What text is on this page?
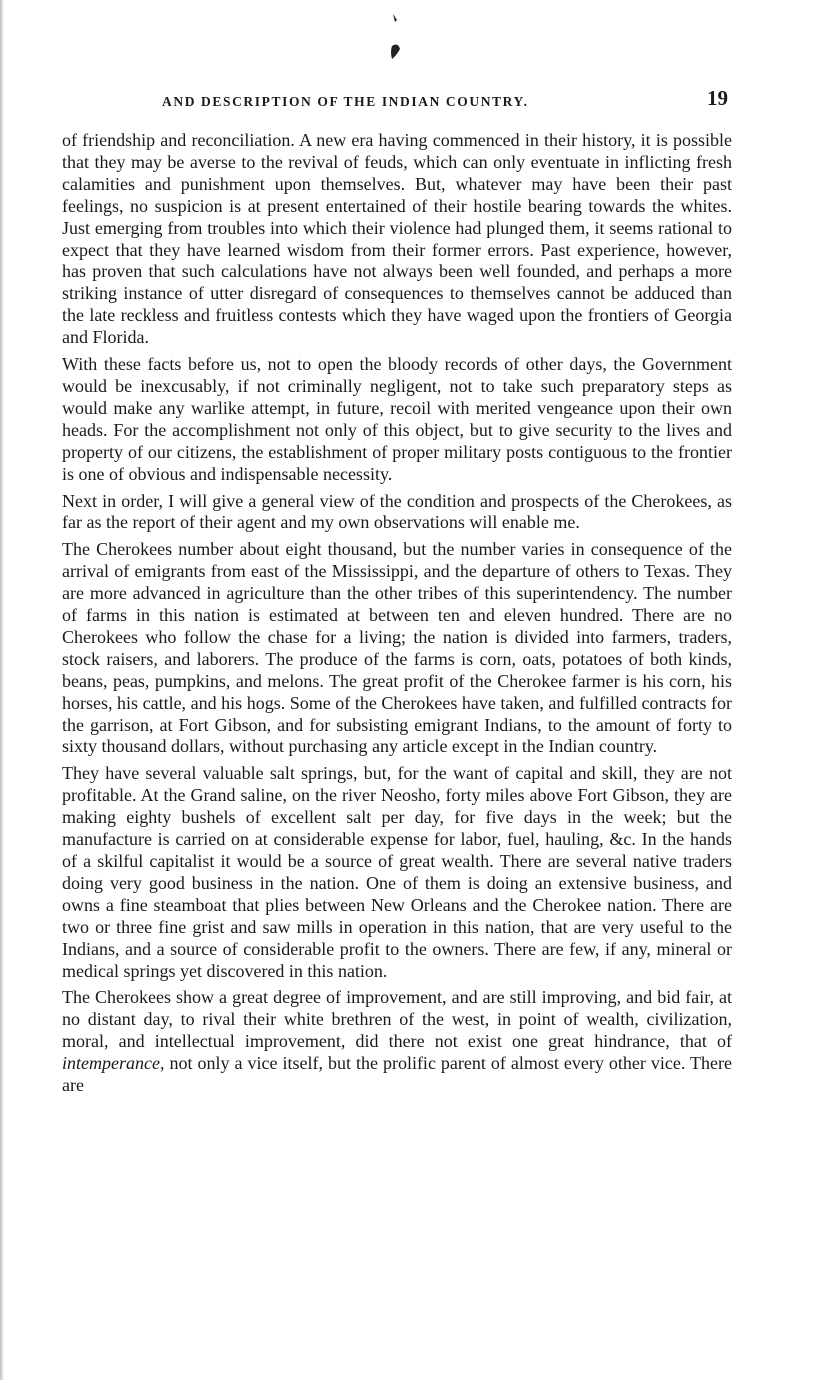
AND DESCRIPTION OF THE INDIAN COUNTRY.	19

of friendship and reconciliation. A new era having commenced in their history, it is possible that they may be averse to the revival of feuds, which can only eventuate in inflicting fresh calamities and punishment upon themselves. But, whatever may have been their past feelings, no suspicion is at present entertained of their hostile bearing towards the whites. Just emerging from troubles into which their violence had plunged them, it seems rational to expect that they have learned wisdom from their former errors. Past experience, however, has proven that such calculations have not always been well founded, and perhaps a more striking instance of utter disregard of consequences to themselves cannot be adduced than the late reckless and fruitless contests which they have waged upon the frontiers of Georgia and Florida.

With these facts before us, not to open the bloody records of other days, the Government would be inexcusably, if not criminally negligent, not to take such preparatory steps as would make any warlike attempt, in future, recoil with merited vengeance upon their own heads. For the accomplishment not only of this object, but to give security to the lives and property of our citizens, the establishment of proper military posts contiguous to the frontier is one of obvious and indispensable necessity.

Next in order, I will give a general view of the condition and prospects of the Cherokees, as far as the report of their agent and my own observations will enable me.

The Cherokees number about eight thousand, but the number varies in consequence of the arrival of emigrants from east of the Mississippi, and the departure of others to Texas. They are more advanced in agriculture than the other tribes of this superintendency. The number of farms in this nation is estimated at between ten and eleven hundred. There are no Cherokees who follow the chase for a living; the nation is divided into farmers, traders, stock raisers, and laborers. The produce of the farms is corn, oats, potatoes of both kinds, beans, peas, pumpkins, and melons. The great profit of the Cherokee farmer is his corn, his horses, his cattle, and his hogs. Some of the Cherokees have taken, and fulfilled contracts for the garrison, at Fort Gibson, and for subsisting emigrant Indians, to the amount of forty to sixty thousand dollars, without purchasing any article except in the Indian country.

They have several valuable salt springs, but, for the want of capital and skill, they are not profitable. At the Grand saline, on the river Neosho, forty miles above Fort Gibson, they are making eighty bushels of excellent salt per day, for five days in the week; but the manufacture is carried on at considerable expense for labor, fuel, hauling, &c. In the hands of a skilful capitalist it would be a source of great wealth. There are several native traders doing very good business in the nation. One of them is doing an extensive business, and owns a fine steamboat that plies between New Orleans and the Cherokee nation. There are two or three fine grist and saw mills in operation in this nation, that are very useful to the Indians, and a source of considerable profit to the owners. There are few, if any, mineral or medical springs yet discovered in this nation.

The Cherokees show a great degree of improvement, and are still improving, and bid fair, at no distant day, to rival their white brethren of the west, in point of wealth, civilization, moral, and intellectual improvement, did there not exist one great hindrance, that of intemperance, not only a vice itself, but the prolific parent of almost every other vice. There are
